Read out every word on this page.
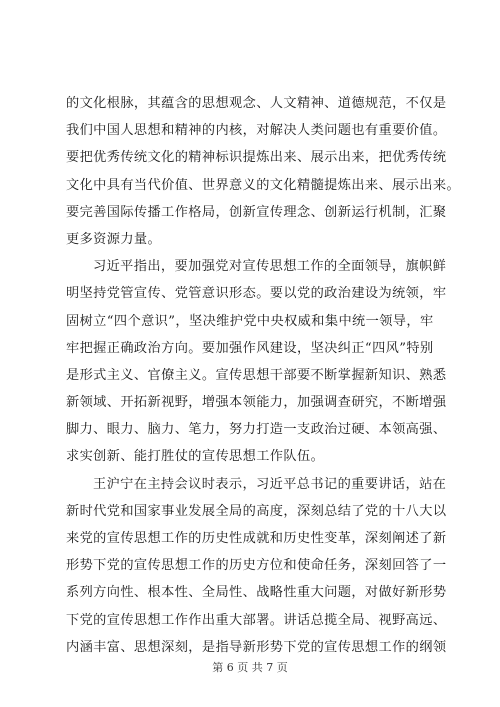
的文化根脉，其蕴含的思想观念、人文精神、道德规范，不仅是
我们中国人思想和精神的内核，对解决人类问题也有重要价值。
要把优秀传统文化的精神标识提炼出来、展示出来，把优秀传统
文化中具有当代价值、世界意义的文化精髓提炼出来、展示出来。
要完善国际传播工作格局，创新宣传理念、创新运行机制，汇聚
更多资源力量。
习近平指出，要加强党对宣传思想工作的全面领导，旗帜鲜
明坚持党管宣传、党管意识形态。要以党的政治建设为统领，牢
固树立“四个意识”，坚决维护党中央权威和集中统一领导，牢
牢把握正确政治方向。要加强作风建设，坚决纠正“四风”特别
是形式主义、官僚主义。宣传思想干部要不断掌握新知识、熟悉
新领域、开拓新视野，增强本领能力，加强调查研究，不断增强
脚力、眼力、脑力、笔力，努力打造一支政治过硬、本领高强、
求实创新、能打胜仗的宣传思想工作队伍。
王沪宁在主持会议时表示，习近平总书记的重要讲话，站在
新时代党和国家事业发展全局的高度，深刻总结了党的十八大以
来党的宣传思想工作的历史性成就和历史性变革，深刻阐述了新
形势下党的宣传思想工作的历史方位和使命任务，深刻回答了一
系列方向性、根本性、全局性、战略性重大问题，对做好新形势
下党的宣传思想工作作出重大部署。讲话总揽全局、视野高远、
内涵丰富、思想深刻，是指导新形势下党的宣传思想工作的纲领
第 6 页 共 7 页
